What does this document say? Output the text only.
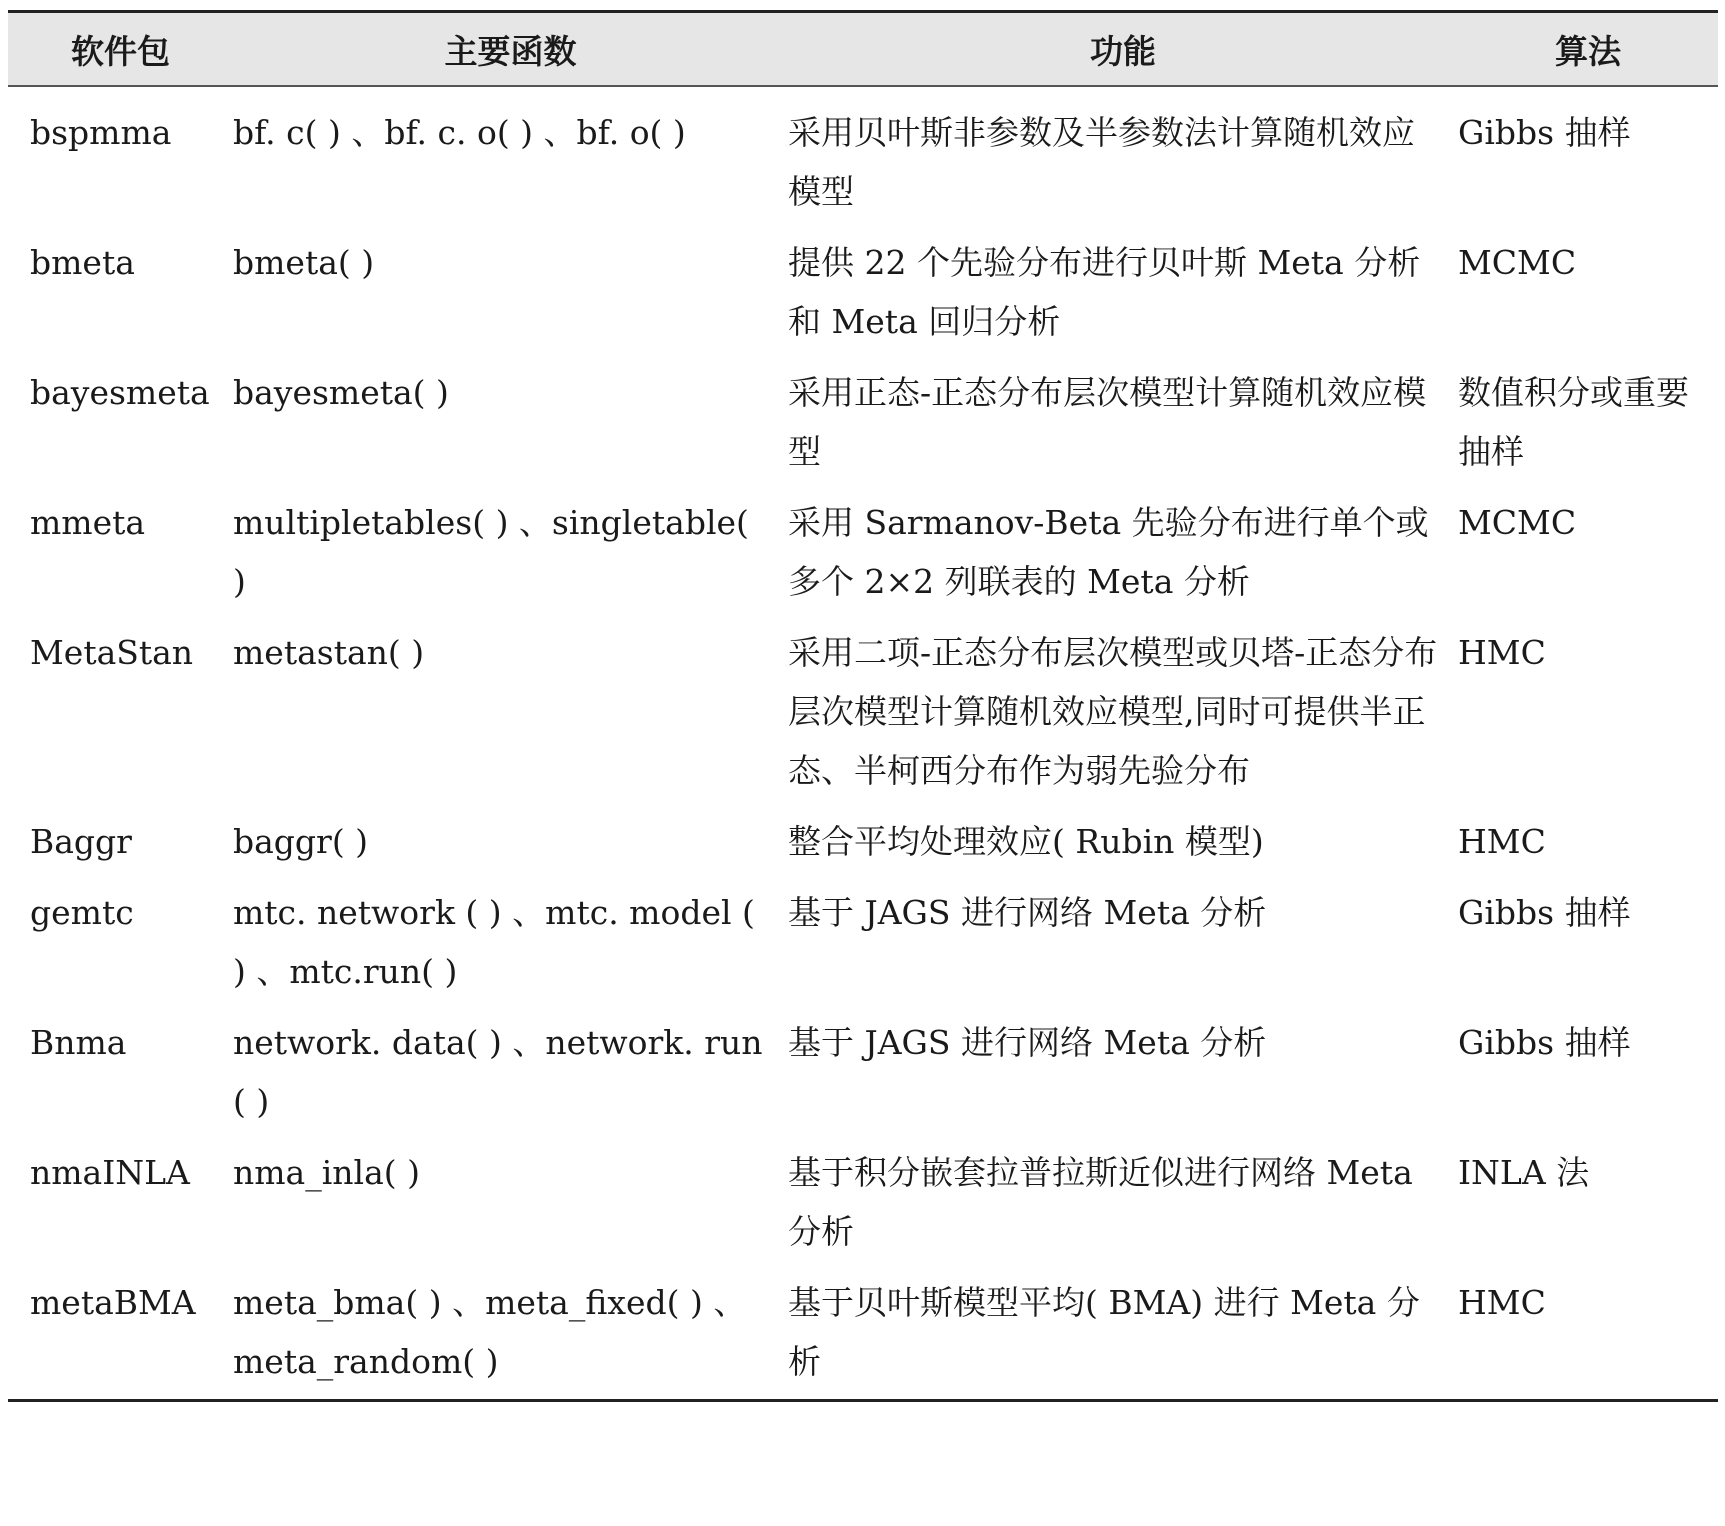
软件包	主要函数	功能	算法
bspmma	bf. c( ) 、bf. c. o( ) 、bf. o( )	采用贝叶斯非参数及半参数法计算随机效应模型	Gibbs 抽样
bmeta	bmeta( )	提供 22 个先验分布进行贝叶斯 Meta 分析和 Meta 回归分析	MCMC
bayesmeta	bayesmeta( )	采用正态-正态分布层次模型计算随机效应模型	数值积分或重要抽样
mmeta	multipletables( ) 、singletable( )	采用 Sarmanov-Beta 先验分布进行单个或多个 2×2 列联表的 Meta 分析	MCMC
MetaStan	metastan( )	采用二项-正态分布层次模型或贝塔-正态分布层次模型计算随机效应模型,同时可提供半正态、半柯西分布作为弱先验分布	HMC
Baggr	baggr( )	整合平均处理效应( Rubin 模型)	HMC
gemtc	mtc. network ( ) 、mtc. model ( ) 、mtc.run( )	基于 JAGS 进行网络 Meta 分析	Gibbs 抽样
Bnma	network. data( ) 、network. run( )	基于 JAGS 进行网络 Meta 分析	Gibbs 抽样
nmaINLA	nma_inla( )	基于积分嵌套拉普拉斯近似进行网络 Meta 分析	INLA 法
metaBMA	meta_bma( ) 、meta_fixed( ) 、meta_random( )	基于贝叶斯模型平均( BMA) 进行 Meta 分析	HMC
